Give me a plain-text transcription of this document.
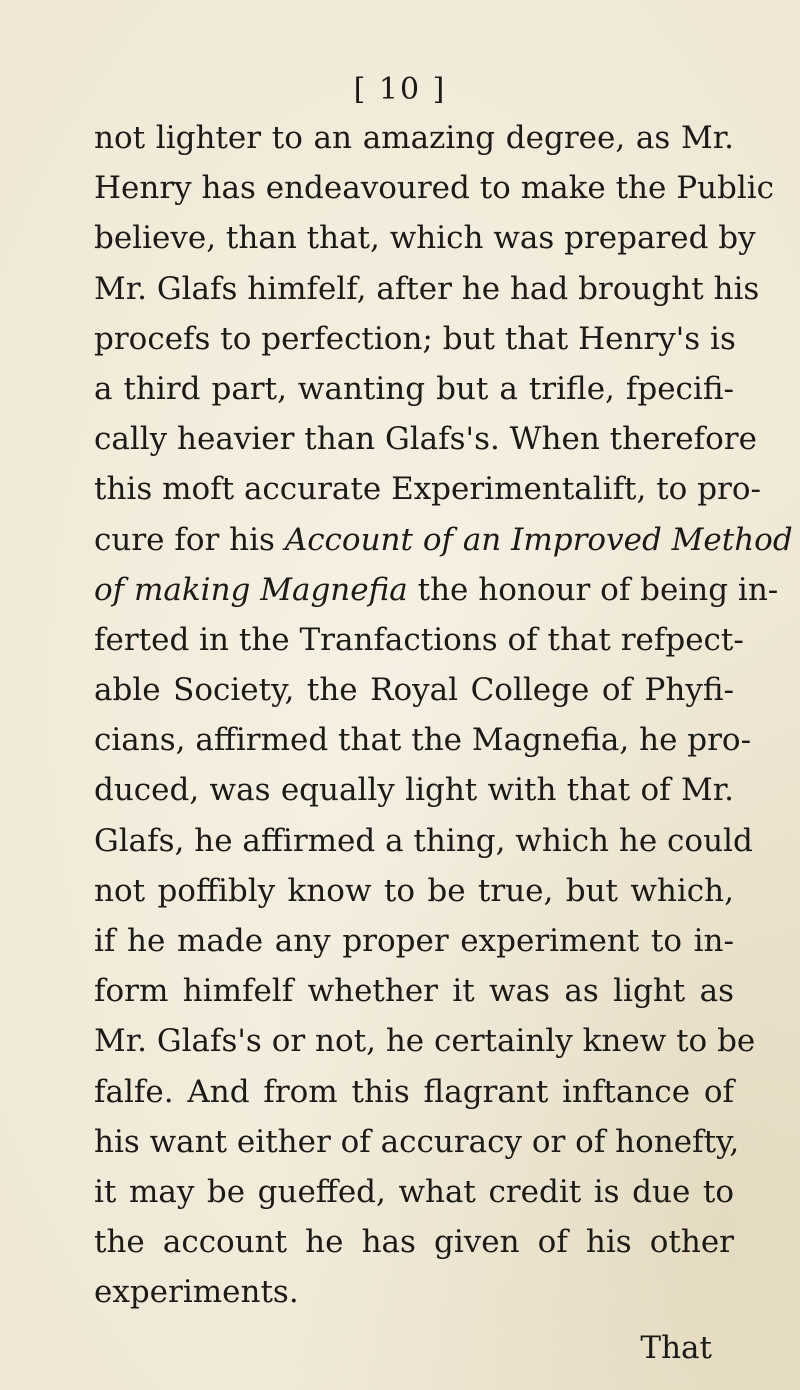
[ 10 ]
not lighter to an amazing degree, as Mr.
Henry has endeavoured to make the Public
believe, than that, which was prepared by
Mr. Glafs himfelf, after he had brought his
procefs to perfection; but that Henry's is
a third part, wanting but a trifle, fpecifi-
cally heavier than Glafs's. When therefore
this moft accurate Experimentalift, to pro-
cure for his Account of an Improved Method
of making Magnefia the honour of being in-
ferted in the Tranfactions of that refpect-
able Society, the Royal College of Phyfi-
cians, affirmed that the Magnefia, he pro-
duced, was equally light with that of Mr.
Glafs, he affirmed a thing, which he could
not poffibly know to be true, but which,
if he made any proper experiment to in-
form himfelf whether it was as light as
Mr. Glafs's or not, he certainly knew to be
falfe. And from this flagrant inftance of
his want either of accuracy or of honefty,
it may be gueffed, what credit is due to
the account he has given of his other
experiments.
That
